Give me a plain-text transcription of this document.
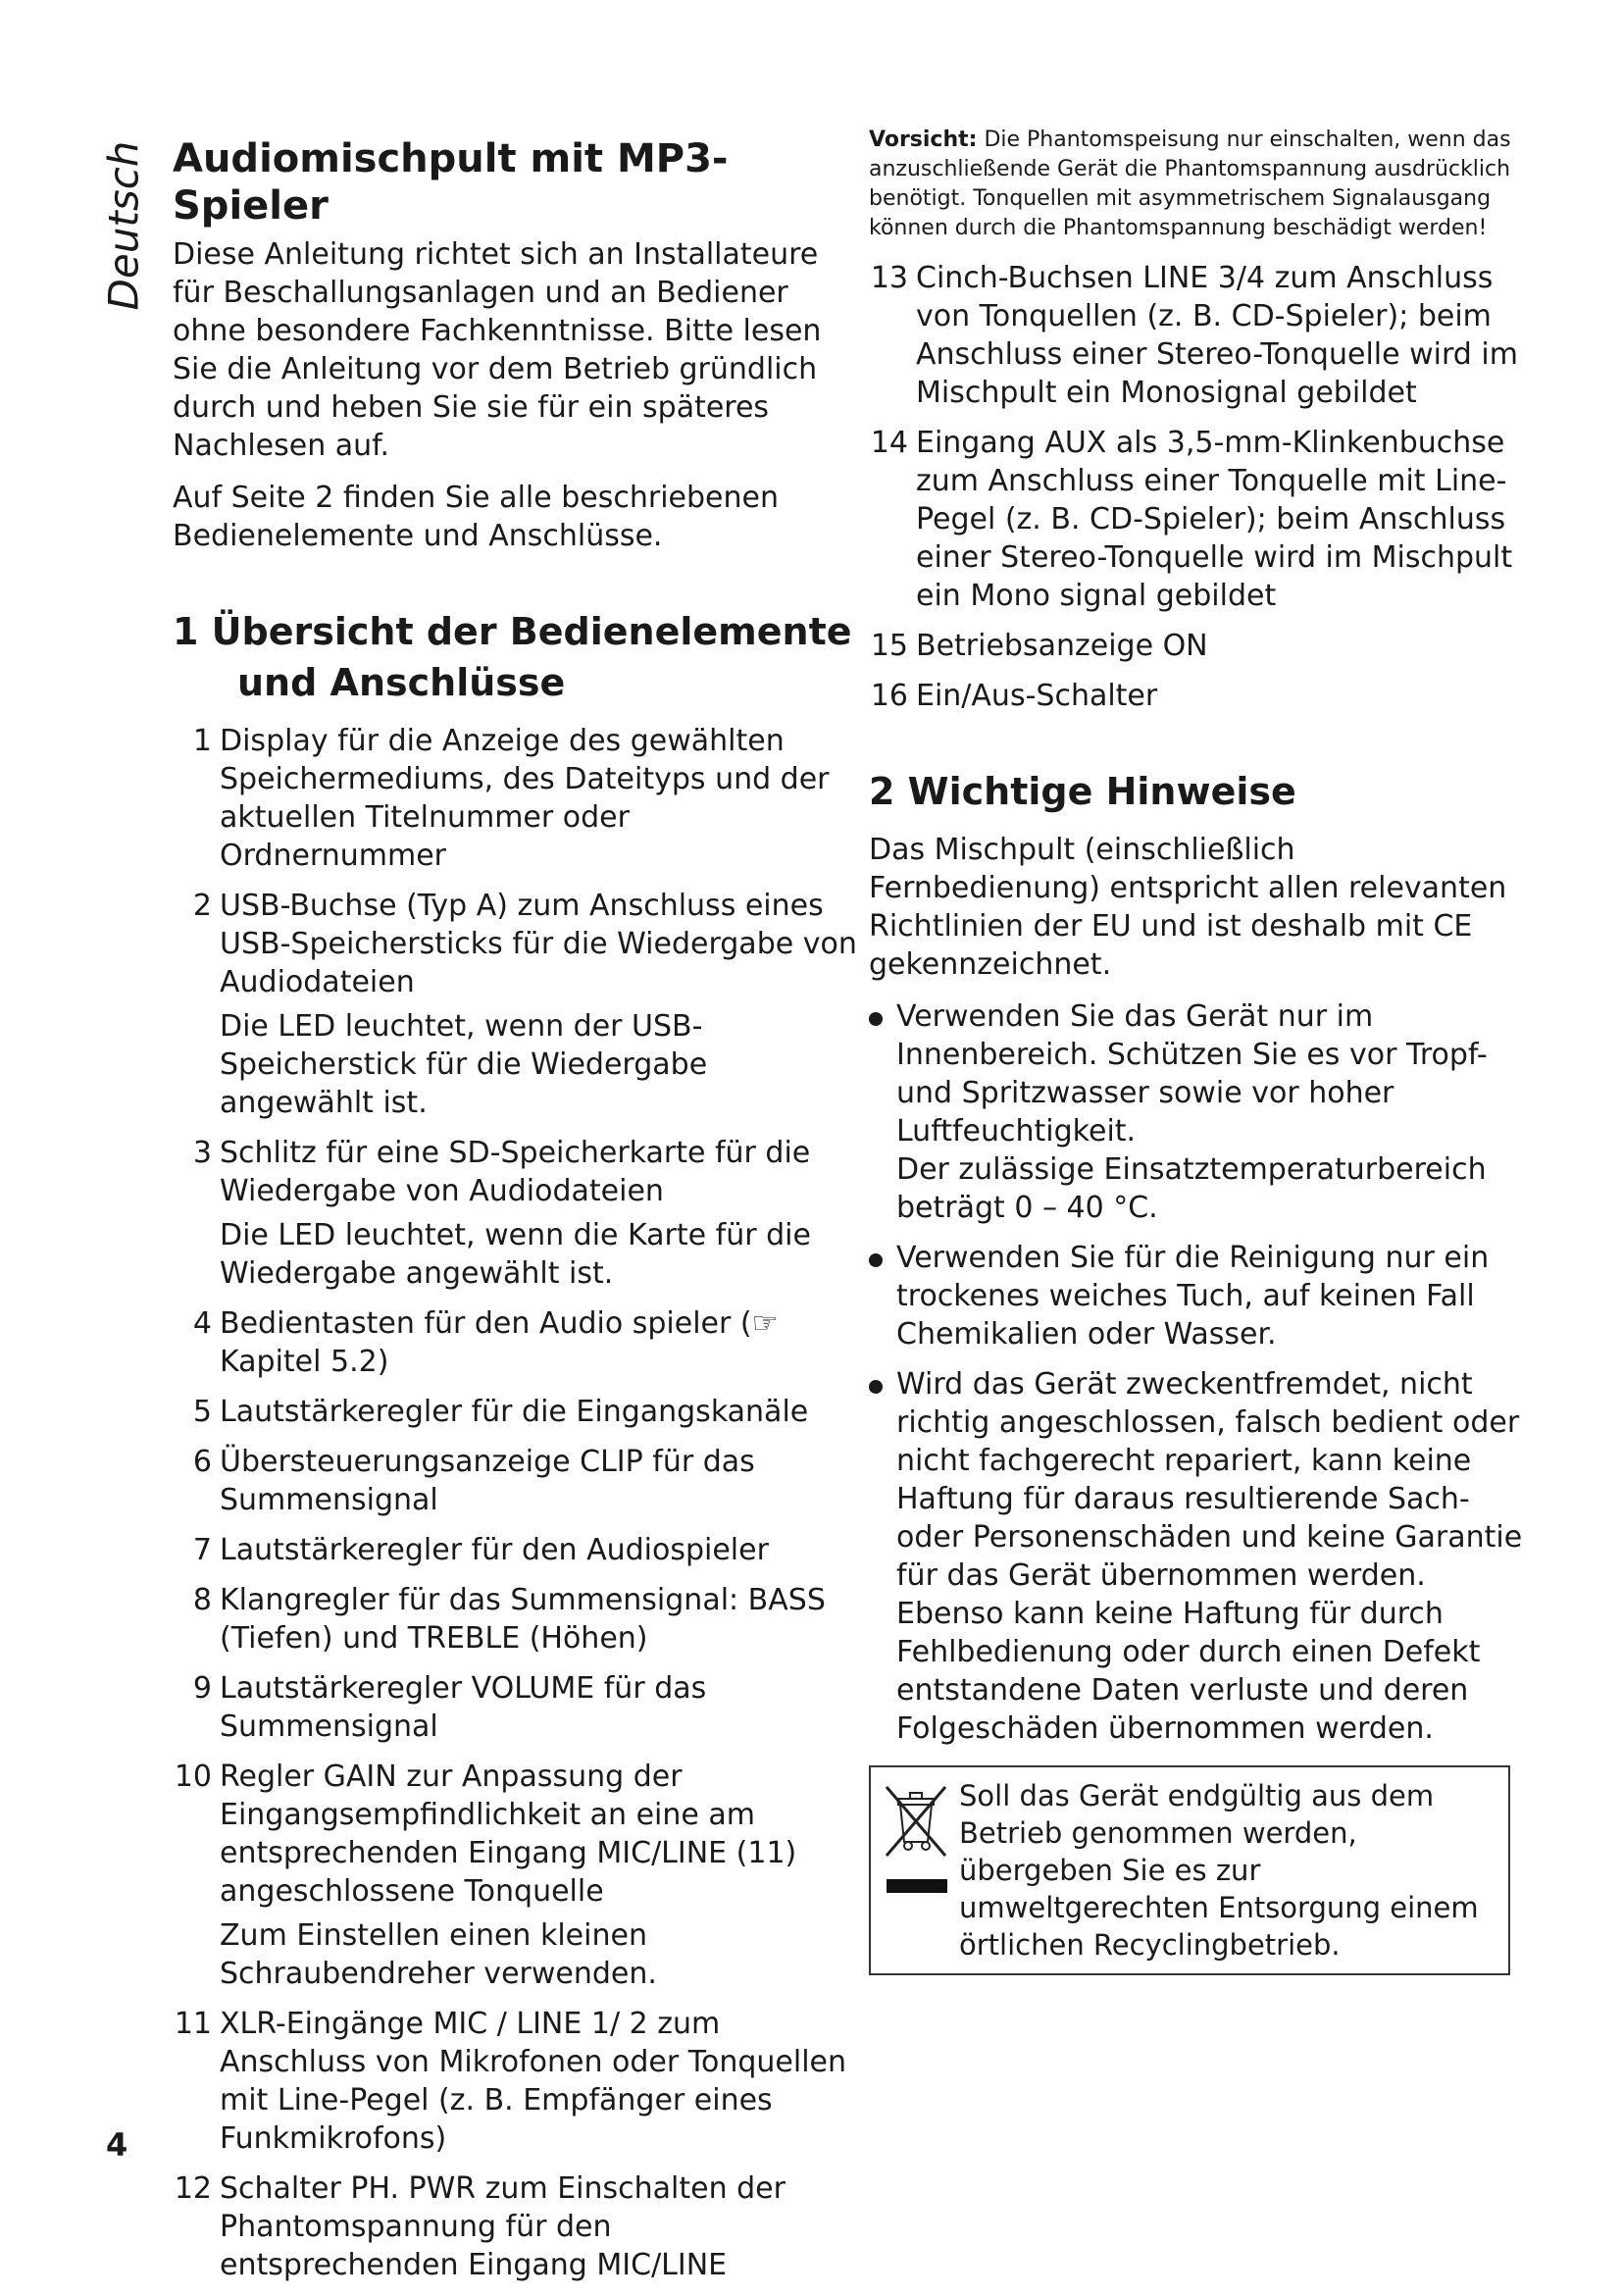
Deutsch Audiomischpult mit MP3-Spieler

Diese Anleitung richtet sich an Installateure für Beschallungsanlagen und an Bediener ohne besondere Fachkenntnisse. Bitte lesen Sie die Anleitung vor dem Betrieb gründlich durch und heben Sie sie für ein späteres Nachlesen auf.

Auf Seite 2 finden Sie alle beschriebenen Bedienelemente und Anschlüsse.

1 Übersicht der Bedienelemente und Anschlüsse
1 Display für die Anzeige des gewählten Speichermediums, des Dateityps und der aktuellen Titelnummer oder Ordnernummer

2 USB-Buchse (Typ A) zum Anschluss eines USB-Speichersticks für die Wiedergabe von Audiodateien

Die LED leuchtet, wenn der USB-Speicherstick für die Wiedergabe angewählt ist.

3 Schlitz für eine SD-Speicherkarte für die Wiedergabe von Audiodateien

Die LED leuchtet, wenn die Karte für die Wiedergabe angewählt ist.

4 Bedientasten für den Audio spieler (☞ Kapitel 5.2)

5 Lautstärkeregler für die Eingangskanäle

6 Übersteuerungsanzeige CLIP für das Summensignal

7 Lautstärkeregler für den Audiospieler

8 Klangregler für das Summensignal: BASS (Tiefen) und TREBLE (Höhen)

9 Lautstärkeregler VOLUME für das Summensignal

10 Regler GAIN zur Anpassung der Eingangsempfindlichkeit an eine am entsprechenden Eingang MIC/LINE (11) angeschlossene Tonquelle

Zum Einstellen einen kleinen Schraubendreher verwenden.

11 XLR-Eingänge MIC / LINE 1/ 2 zum Anschluss von Mikrofonen oder Tonquellen mit Line-Pegel (z. B. Empfänger eines Funkmikrofons)

12 Schalter PH. PWR zum Einschalten der Phantomspannung für den entsprechenden Eingang MIC/LINE

Vorsicht: Die Phantomspeisung nur einschalten, wenn das anzuschließende Gerät die Phantomspannung ausdrücklich benötigt. Tonquellen mit asymmetrischem Signalausgang können durch die Phantomspannung beschädigt werden!

13 Cinch-Buchsen LINE 3/4 zum Anschluss von Tonquellen (z. B. CD-Spieler); beim Anschluss einer Stereo-Tonquelle wird im Mischpult ein Monosignal gebildet

14 Eingang AUX als 3,5-mm-Klinkenbuchse zum Anschluss einer Tonquelle mit Line-Pegel (z. B. CD-Spieler); beim Anschluss einer Stereo-Tonquelle wird im Mischpult ein Mono signal gebildet

15 Betriebsanzeige ON

16 Ein/Aus-Schalter

2 Wichtige Hinweise

Das Mischpult (einschließlich Fernbedienung) entspricht allen relevanten Richtlinien der EU und ist deshalb mit CE gekennzeichnet.

Verwenden Sie das Gerät nur im Innenbereich. Schützen Sie es vor Tropf- und Spritzwasser sowie vor hoher Luftfeuchtigkeit.

Der zulässige Einsatztemperaturbereich beträgt 0 – 40 °C.

Verwenden Sie für die Reinigung nur ein trockenes weiches Tuch, auf keinen Fall Chemikalien oder Wasser.

Wird das Gerät zweckentfremdet, nicht richtig angeschlossen, falsch bedient oder nicht fachgerecht repariert, kann keine Haftung für daraus resultierende Sach- oder Personenschäden und keine Garantie für das Gerät übernommen werden. Ebenso kann keine Haftung für durch Fehlbedienung oder durch einen Defekt entstandene Daten verluste und deren Folgeschäden übernommen werden.

Soll das Gerät endgültig aus dem Betrieb genommen werden, übergeben Sie es zur umweltgerechten Entsorgung einem örtlichen Recyclingbetrieb.
4
